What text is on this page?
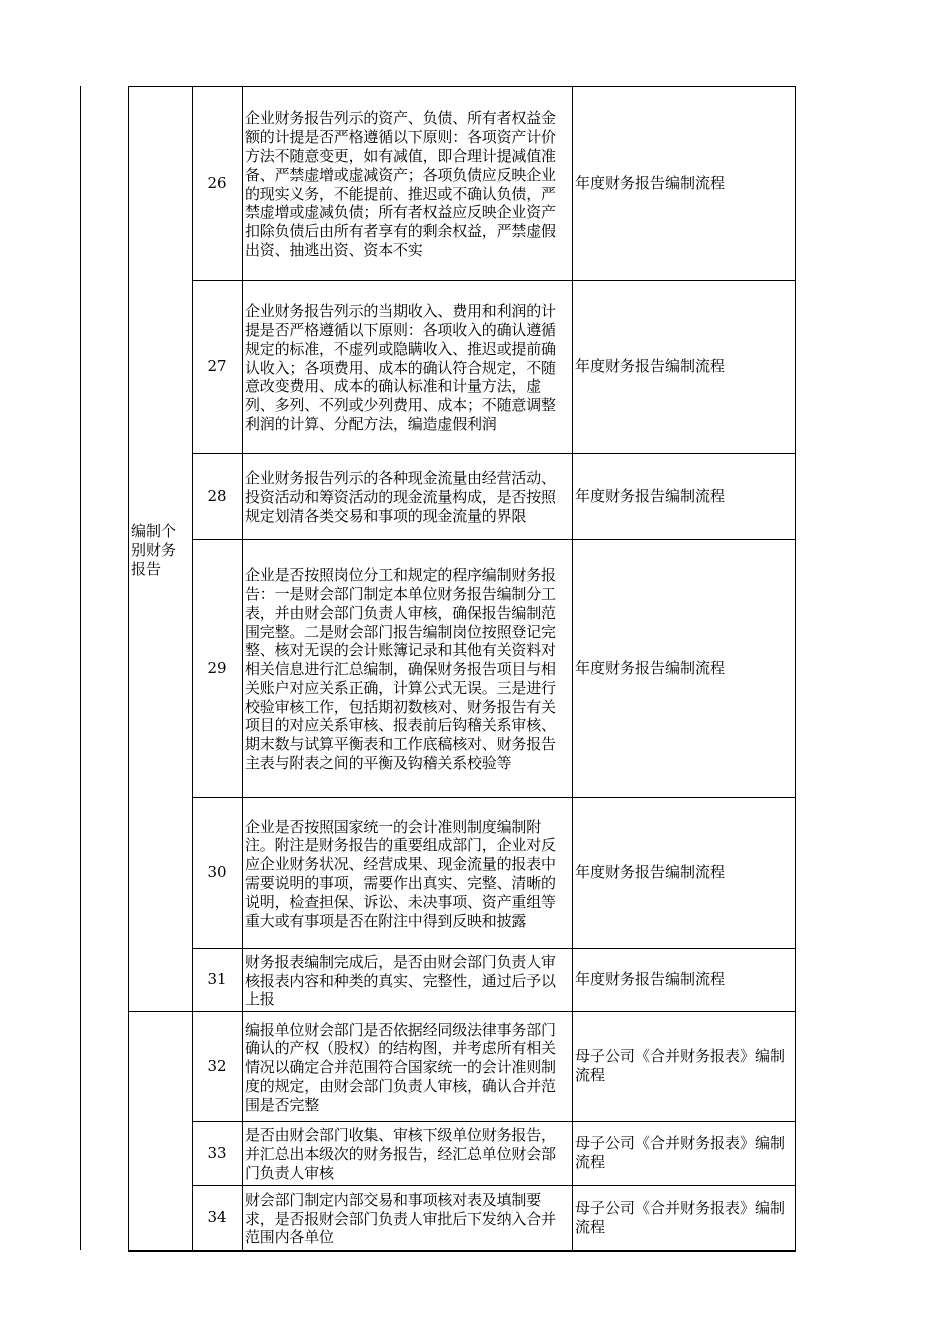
编制个别财务报告
26
企业财务报告列示的资产、负债、所有者权益金额的计提是否严格遵循以下原则：各项资产计价方法不随意变更，如有减值，即合理计提减值准备、严禁虚增或虚减资产；各项负债应反映企业的现实义务，不能提前、推迟或不确认负债，严禁虚增或虚减负债；所有者权益应反映企业资产扣除负债后由所有者享有的剩余权益，严禁虚假出资、抽逃出资、资本不实
年度财务报告编制流程
27
企业财务报告列示的当期收入、费用和利润的计提是否严格遵循以下原则：各项收入的确认遵循规定的标准，不虚列或隐瞒收入、推迟或提前确认收入；各项费用、成本的确认符合规定，不随意改变费用、成本的确认标准和计量方法，虚列、多列、不列或少列费用、成本；不随意调整利润的计算、分配方法，编造虚假利润
年度财务报告编制流程
28
企业财务报告列示的各种现金流量由经营活动、投资活动和筹资活动的现金流量构成，是否按照规定划清各类交易和事项的现金流量的界限
年度财务报告编制流程
29
企业是否按照岗位分工和规定的程序编制财务报告：一是财会部门制定本单位财务报告编制分工表，并由财会部门负责人审核，确保报告编制范围完整。二是财会部门报告编制岗位按照登记完整、核对无误的会计账簿记录和其他有关资料对相关信息进行汇总编制，确保财务报告项目与相关账户对应关系正确，计算公式无误。三是进行校验审核工作，包括期初数核对、财务报告有关项目的对应关系审核、报表前后钩稽关系审核、期末数与试算平衡表和工作底稿核对、财务报告主表与附表之间的平衡及钩稽关系校验等
年度财务报告编制流程
30
企业是否按照国家统一的会计准则制度编制附注。附注是财务报告的重要组成部门，企业对反应企业财务状况、经营成果、现金流量的报表中需要说明的事项，需要作出真实、完整、清晰的说明，检查担保、诉讼、未决事项、资产重组等重大或有事项是否在附注中得到反映和披露
年度财务报告编制流程
31
财务报表编制完成后，是否由财会部门负责人审核报表内容和种类的真实、完整性，通过后予以上报
年度财务报告编制流程
32
编报单位财会部门是否依据经同级法律事务部门确认的产权（股权）的结构图，并考虑所有相关情况以确定合并范围符合国家统一的会计准则制度的规定，由财会部门负责人审核，确认合并范围是否完整
母子公司《合并财务报表》编制流程
33
是否由财会部门收集、审核下级单位财务报告，并汇总出本级次的财务报告，经汇总单位财会部门负责人审核
母子公司《合并财务报表》编制流程
34
财会部门制定内部交易和事项核对表及填制要求，是否报财会部门负责人审批后下发纳入合并范围内各单位
母子公司《合并财务报表》编制流程
